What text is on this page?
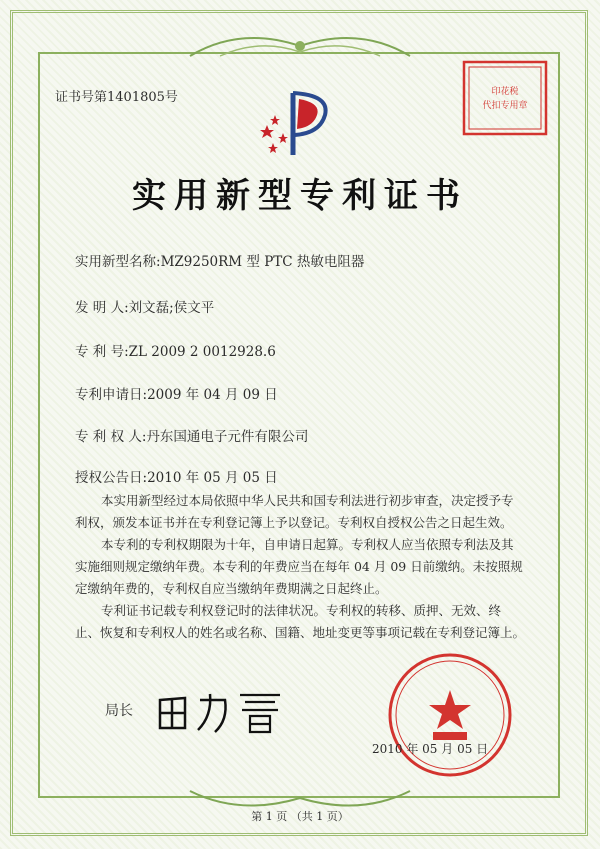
证书号第1401805号	印花税
代扣专用章
实用新型专利证书
实用新型名称:MZ9250RM 型 PTC 热敏电阻器
发 明 人:刘文磊;侯文平
专 利 号:ZL 2009 2 0012928.6
专利申请日:2009 年 04 月 09 日
专 利 权 人:丹东国通电子元件有限公司
授权公告日:2010 年 05 月 05 日

本实用新型经过本局依照中华人民共和国专利法进行初步审查，决定授予专利权，颁发本证书并在专利登记簿上予以登记。专利权自授权公告之日起生效。

本专利的专利权期限为十年，自申请日起算。专利权人应当依照专利法及其实施细则规定缴纳年费。本专利的年费应当在每年 04 月 09 日前缴纳。未按照规定缴纳年费的，专利权自应当缴纳年费期满之日起终止。

专利证书记载专利权登记时的法律状况。专利权的转移、质押、无效、终止、恢复和专利权人的姓名或名称、国籍、地址变更等事项记载在专利登记簿上。

局长
2010 年 05 月 05 日
第 1 页 （共 1 页）
